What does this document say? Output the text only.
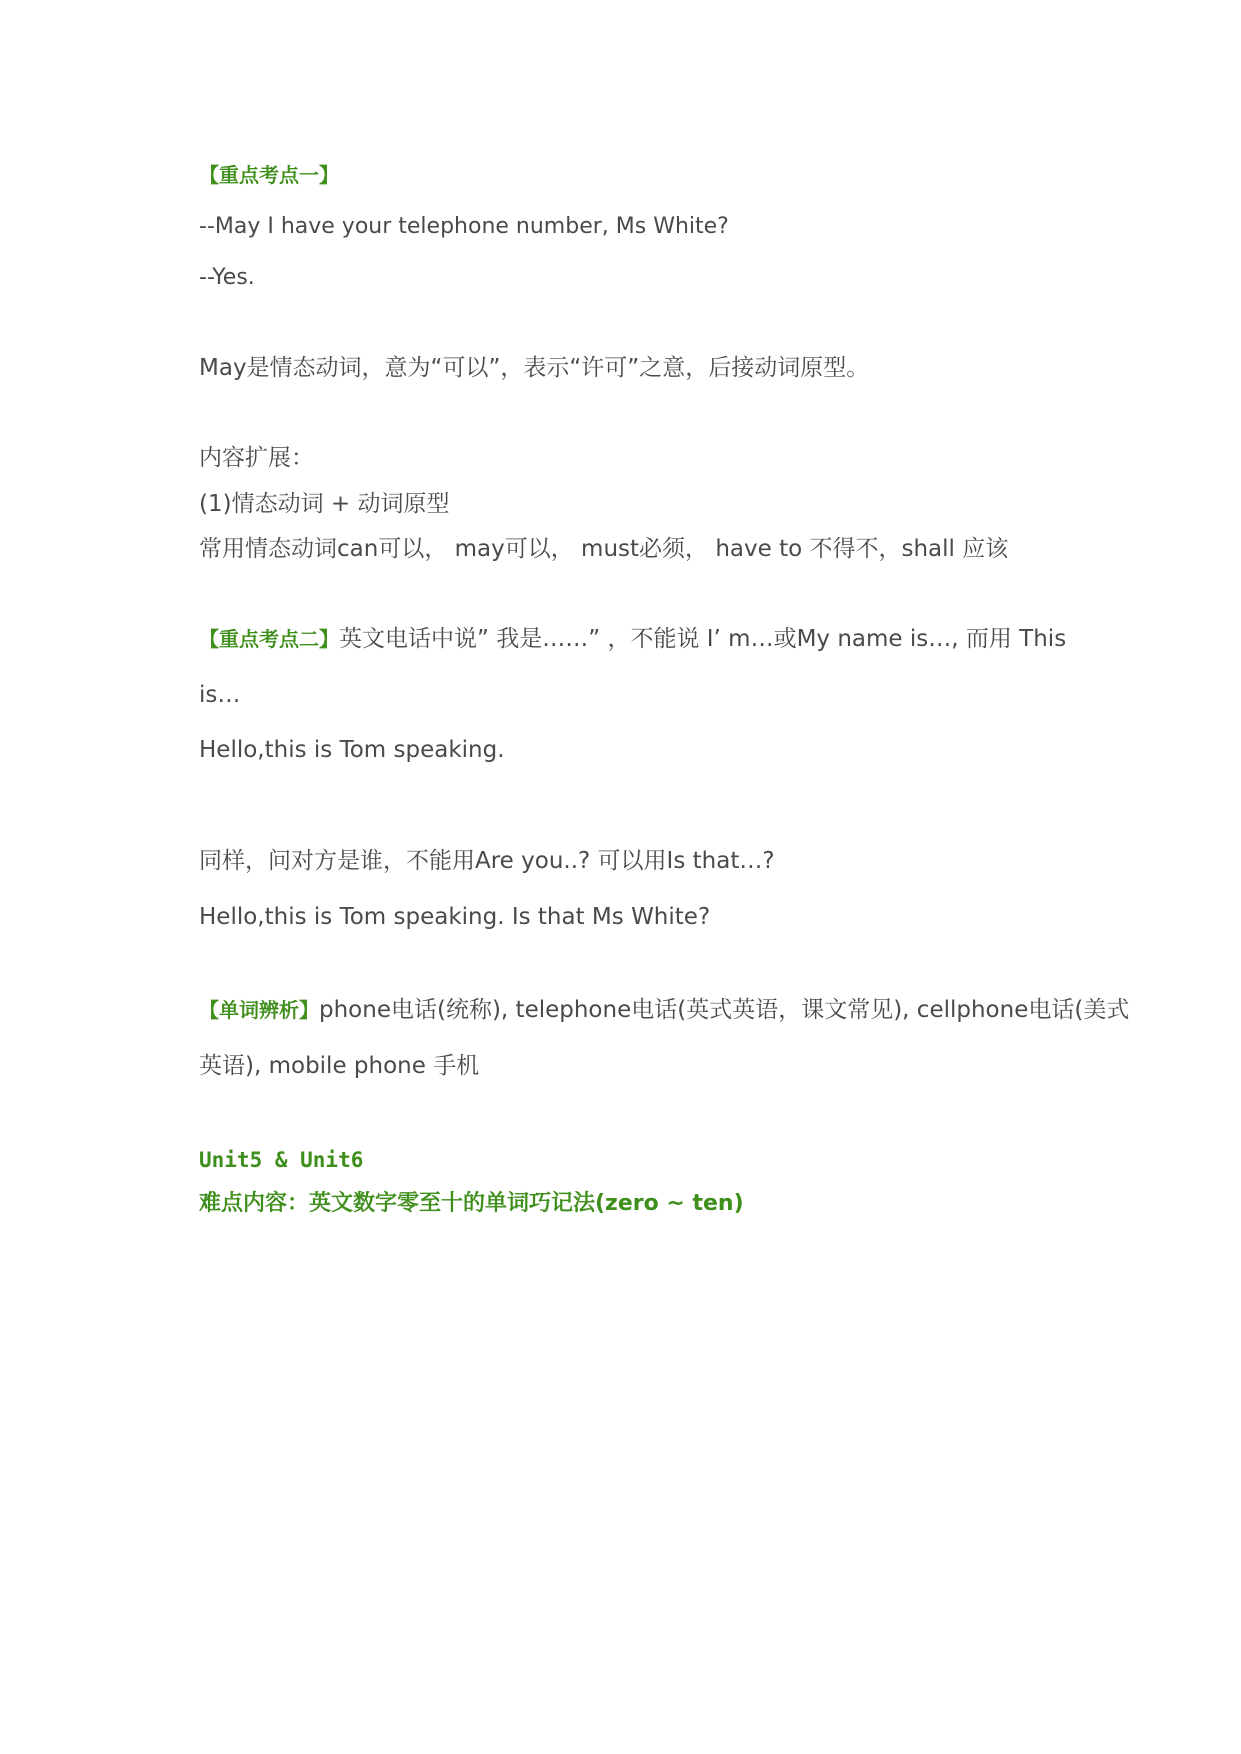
【重点考点一】
--May I have your telephone number, Ms White?
--Yes.
May是情态动词，意为“可以”，表示“许可”之意，后接动词原型。
内容扩展：
(1)情态动词 + 动词原型
常用情态动词can可以， may可以， must必须， have to 不得不，shall 应该
【重点考点二】英文电话中说” 我是……” ，不能说 I’ m…或My name is…, 而用 This
is…
Hello,this is Tom speaking.
同样，问对方是谁，不能用Are you..? 可以用Is that…?
Hello,this is Tom speaking. Is that Ms White?
【单词辨析】phone电话(统称), telephone电话(英式英语，课文常见), cellphone电话(美式
英语), mobile phone 手机
Unit5 & Unit6
难点内容：英文数字零至十的单词巧记法(zero ~ ten)
